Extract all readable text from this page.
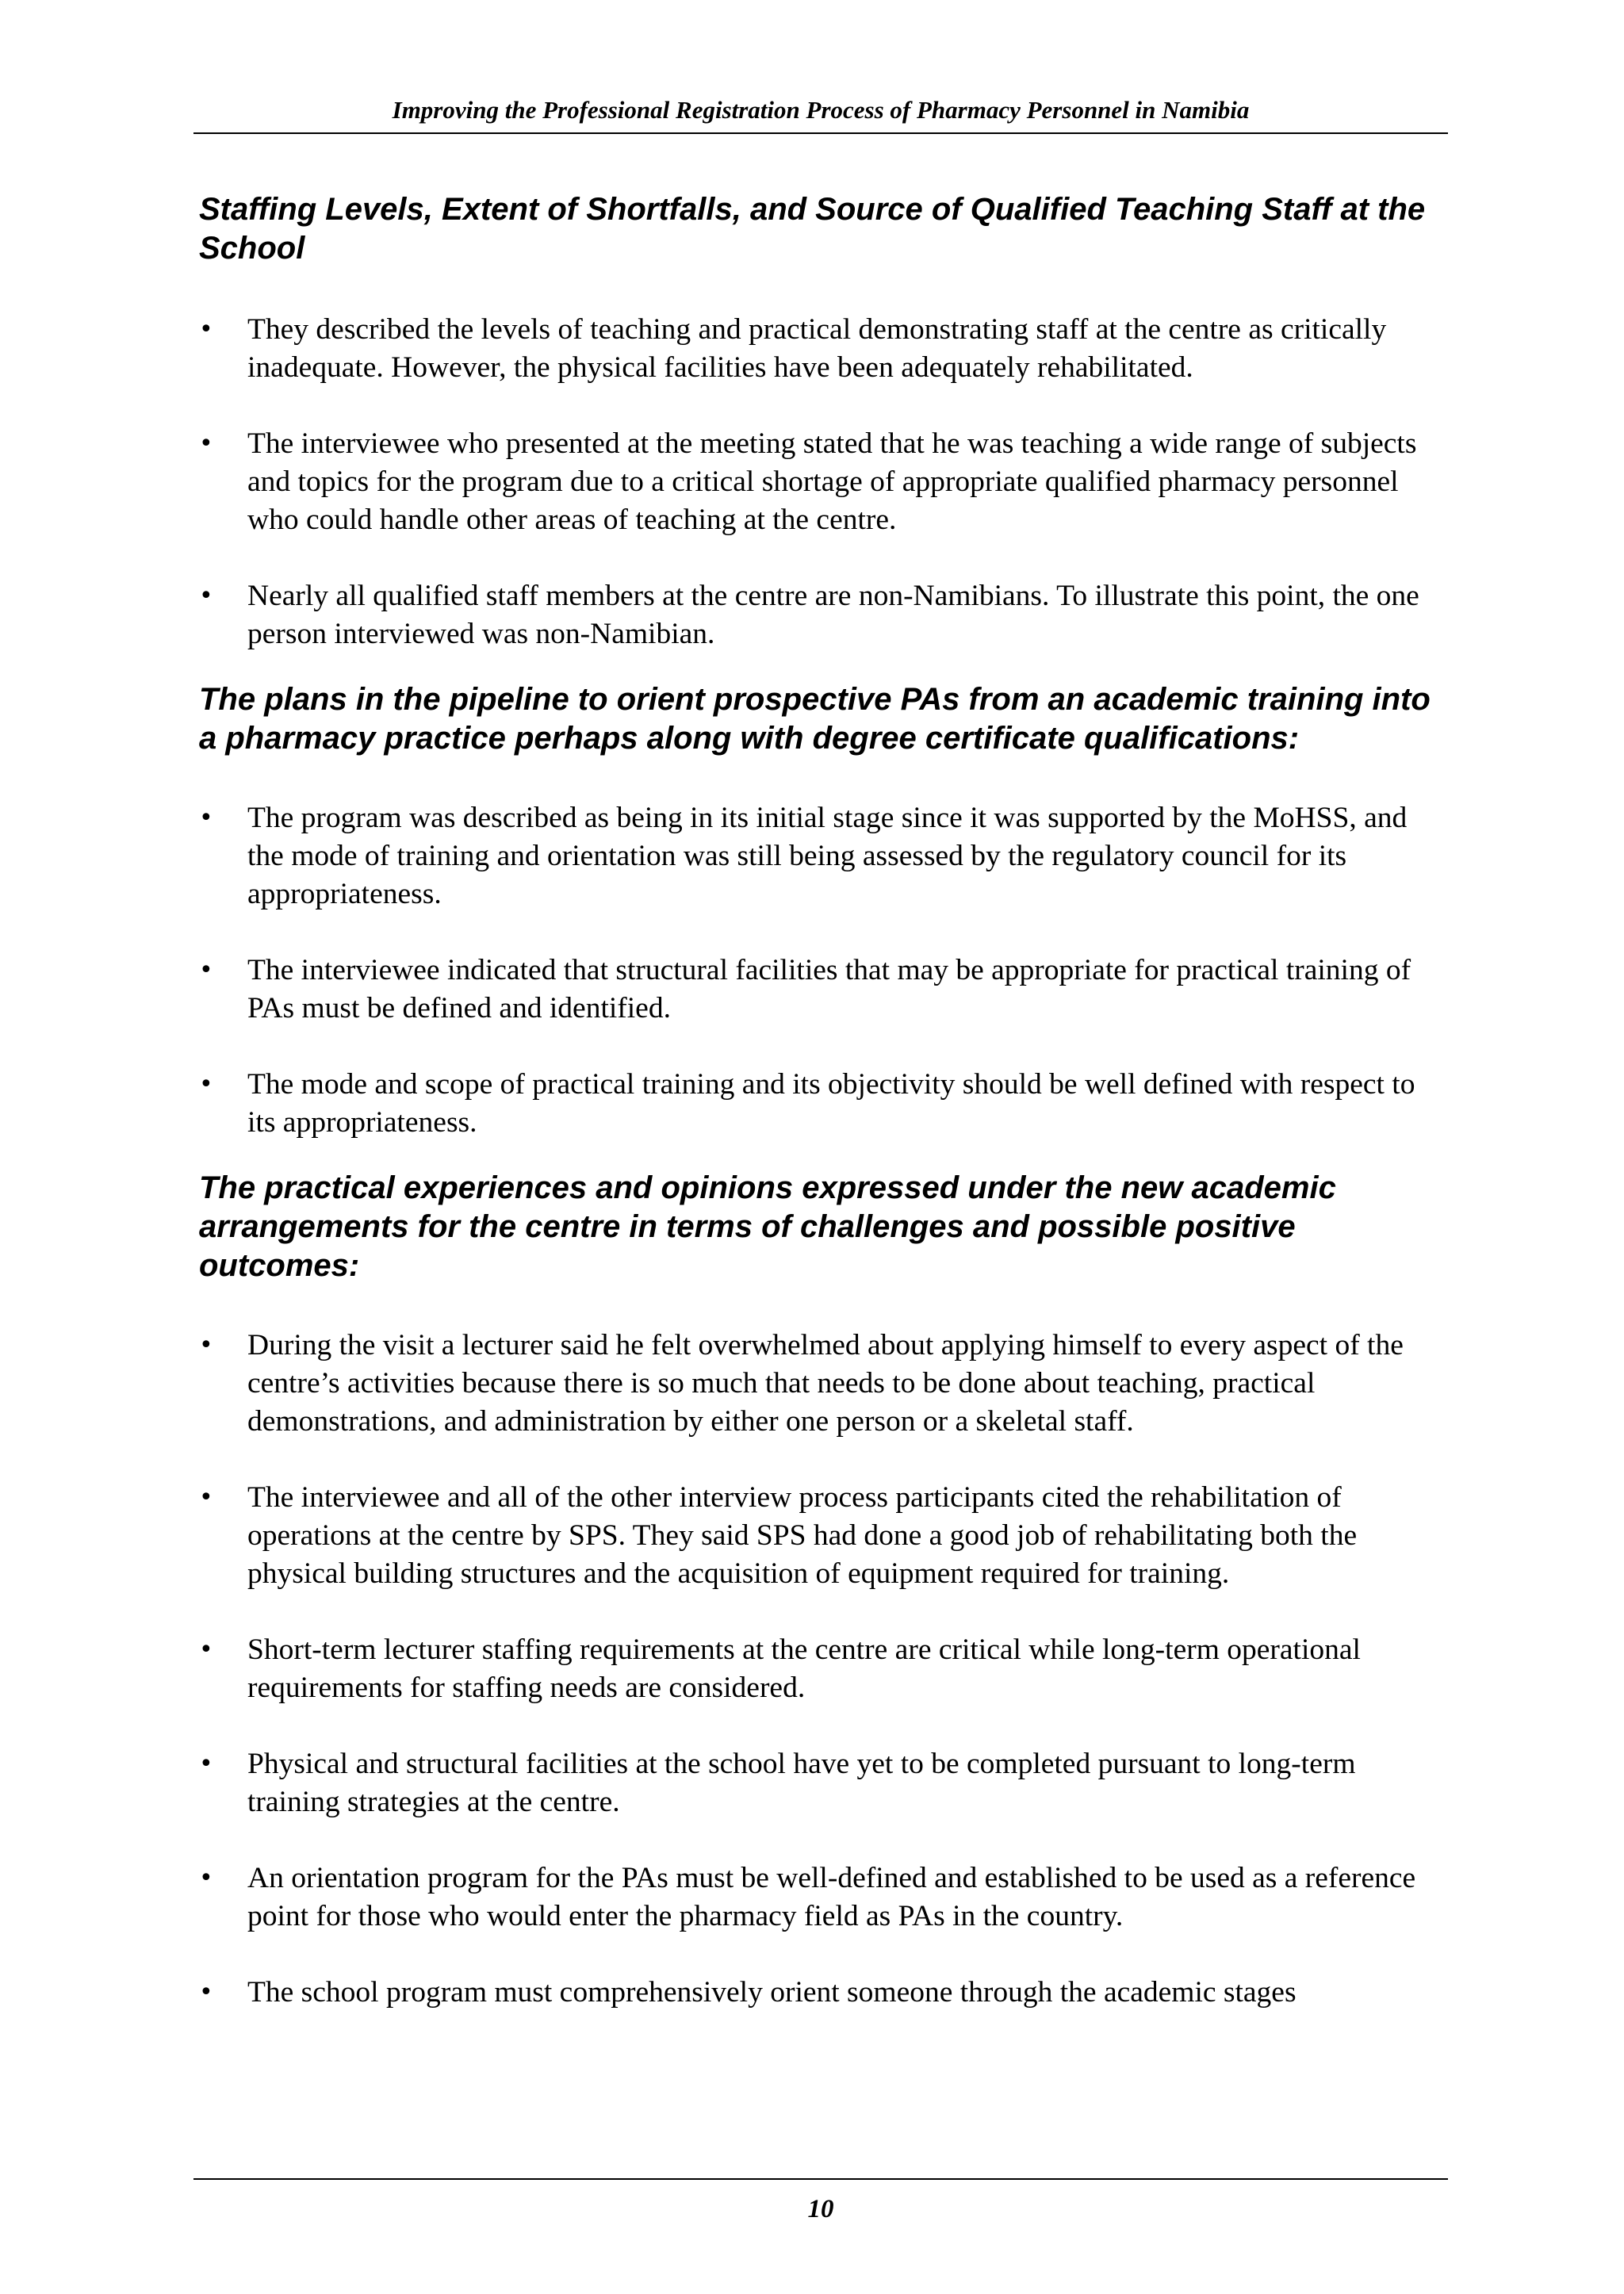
Improving the Professional Registration Process of Pharmacy Personnel in Namibia
Staffing Levels, Extent of Shortfalls, and Source of Qualified Teaching Staff at the School
• They described the levels of teaching and practical demonstrating staff at the centre as critically inadequate. However, the physical facilities have been adequately rehabilitated.
• The interviewee who presented at the meeting stated that he was teaching a wide range of subjects and topics for the program due to a critical shortage of appropriate qualified pharmacy personnel who could handle other areas of teaching at the centre.
• Nearly all qualified staff members at the centre are non-Namibians. To illustrate this point, the one person interviewed was non-Namibian.
The plans in the pipeline to orient prospective PAs from an academic training into a pharmacy practice perhaps along with degree certificate qualifications:
• The program was described as being in its initial stage since it was supported by the MoHSS, and the mode of training and orientation was still being assessed by the regulatory council for its appropriateness.
• The interviewee indicated that structural facilities that may be appropriate for practical training of PAs must be defined and identified.
• The mode and scope of practical training and its objectivity should be well defined with respect to its appropriateness.
The practical experiences and opinions expressed under the new academic arrangements for the centre in terms of challenges and possible positive outcomes:
• During the visit a lecturer said he felt overwhelmed about applying himself to every aspect of the centre’s activities because there is so much that needs to be done about teaching, practical demonstrations, and administration by either one person or a skeletal staff.
• The interviewee and all of the other interview process participants cited the rehabilitation of operations at the centre by SPS. They said SPS had done a good job of rehabilitating both the physical building structures and the acquisition of equipment required for training.
• Short-term lecturer staffing requirements at the centre are critical while long-term operational requirements for staffing needs are considered.
• Physical and structural facilities at the school have yet to be completed pursuant to long-term training strategies at the centre.
• An orientation program for the PAs must be well-defined and established to be used as a reference point for those who would enter the pharmacy field as PAs in the country.
• The school program must comprehensively orient someone through the academic stages
10
